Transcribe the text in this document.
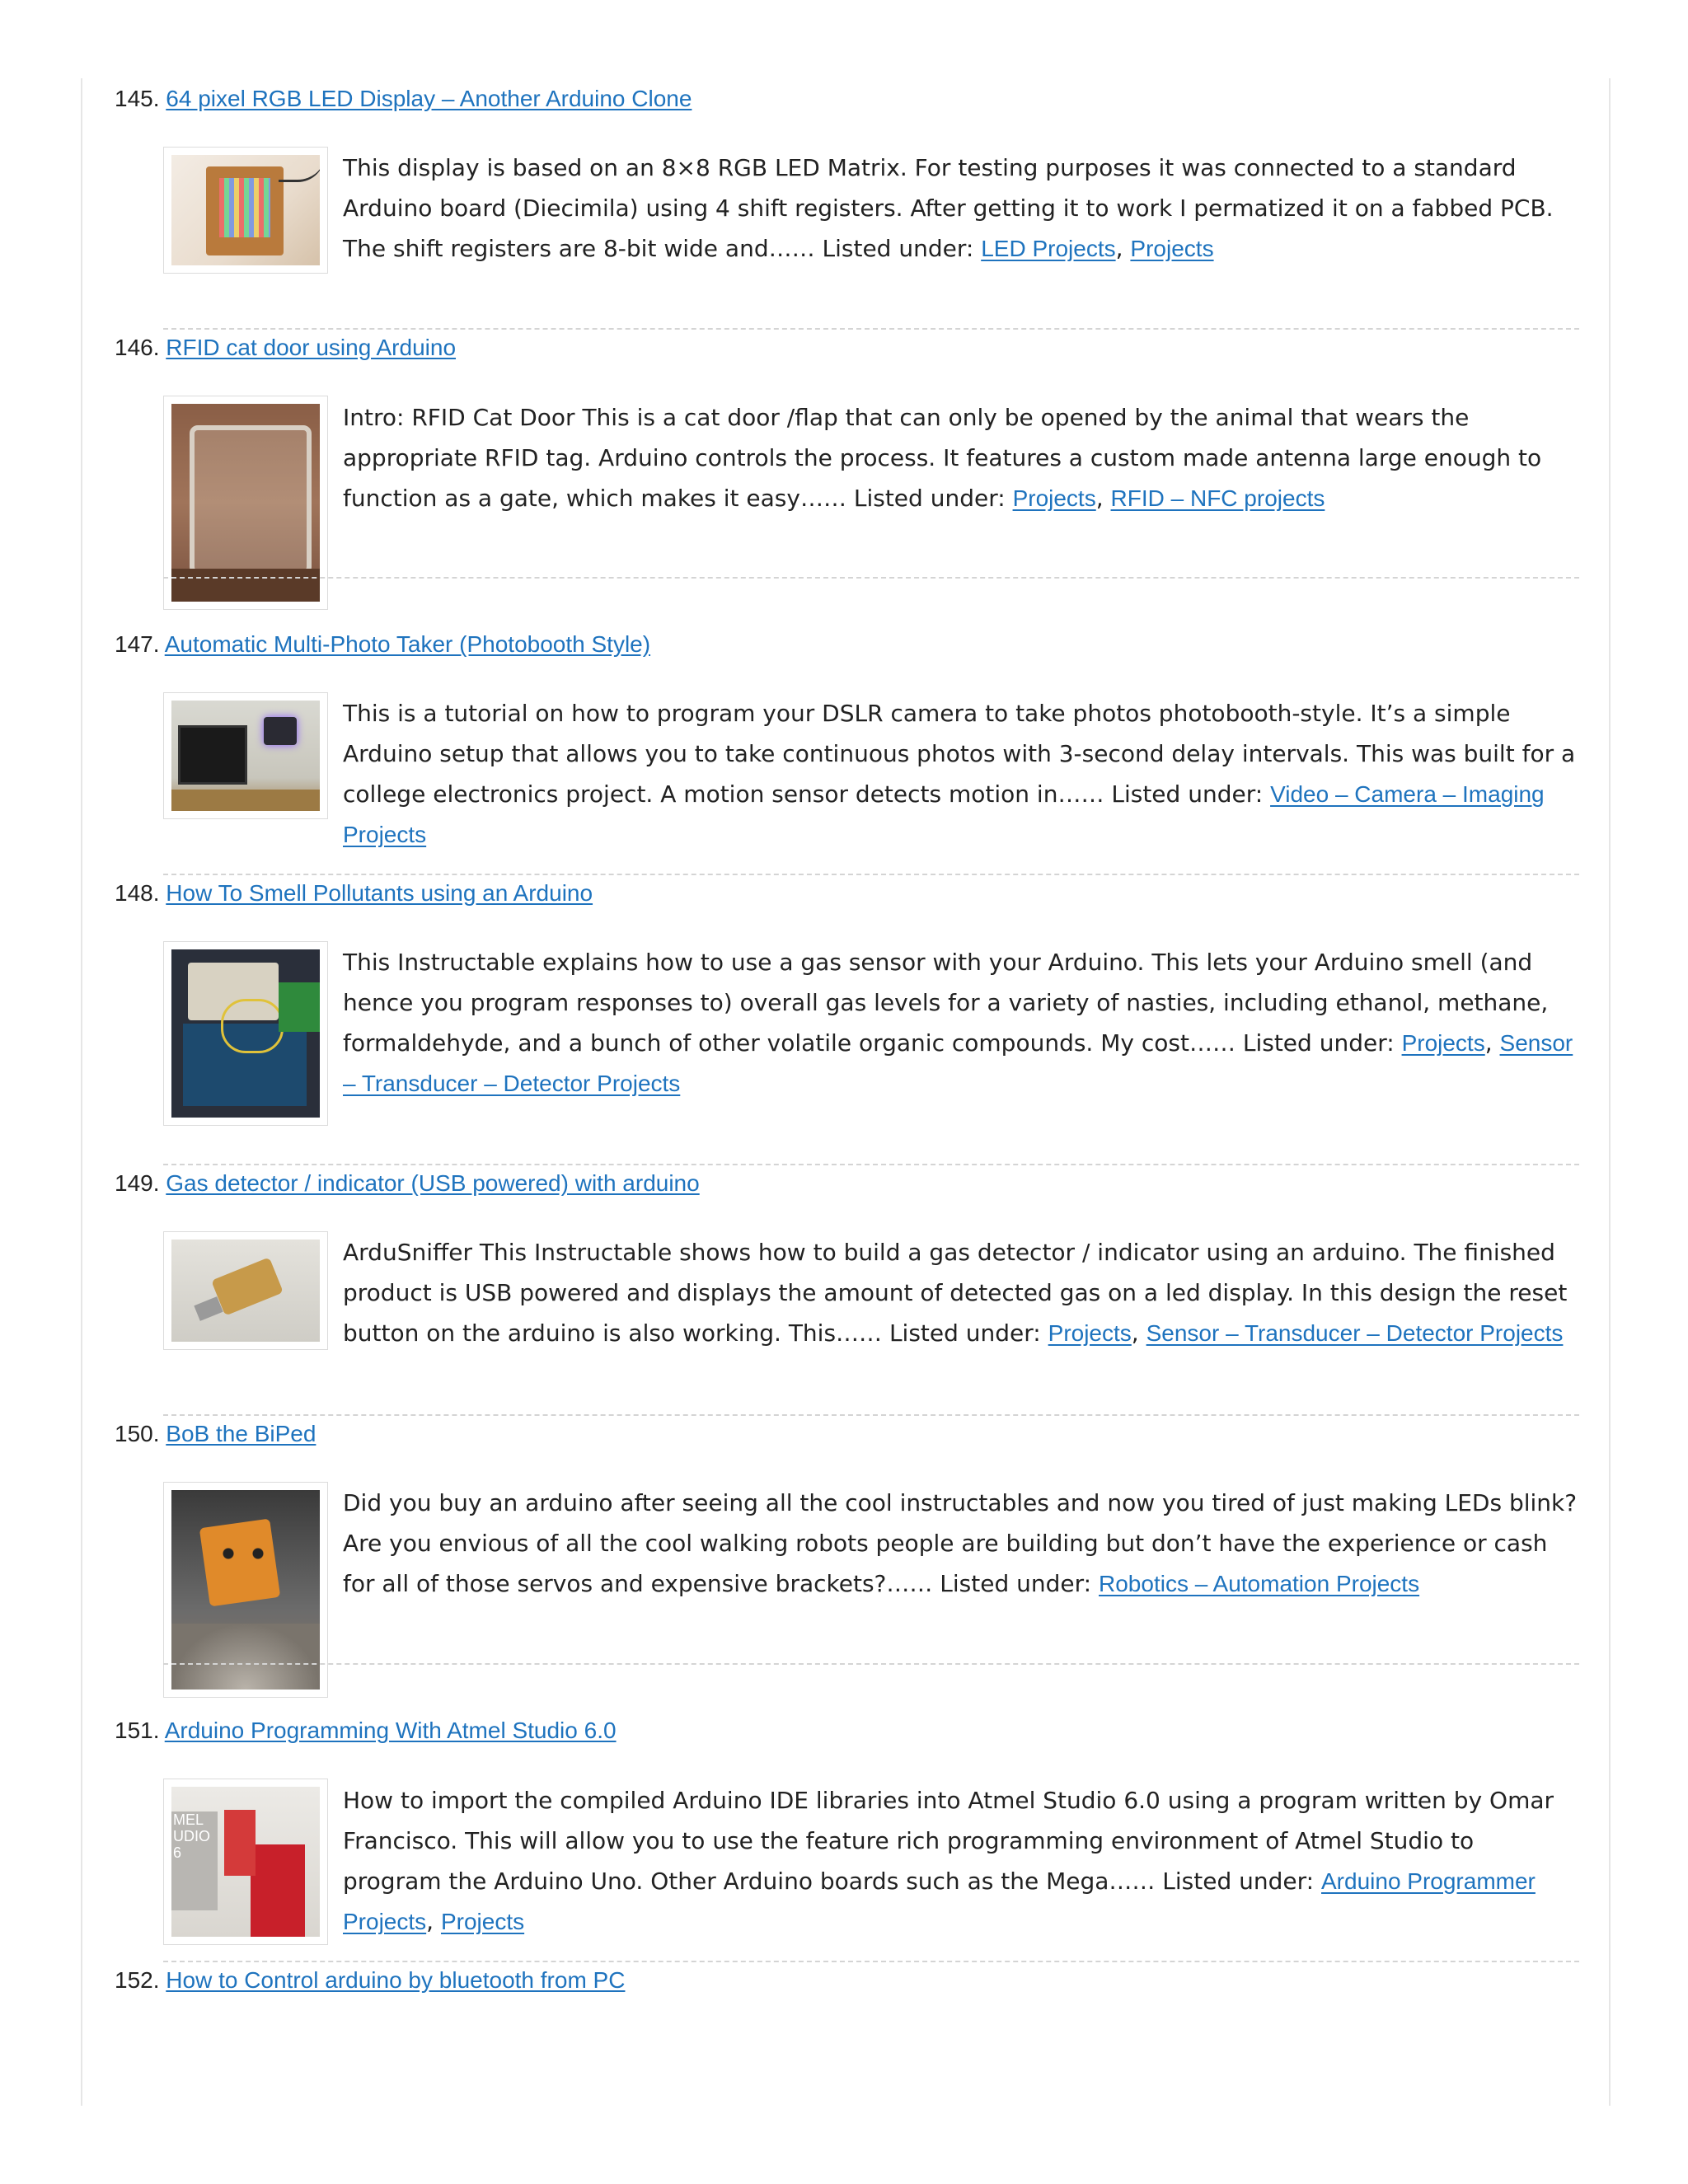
145. 64 pixel RGB LED Display – Another Arduino Clone
This display is based on an 8×8 RGB LED Matrix. For testing purposes it was connected to a standard Arduino board (Diecimila) using 4 shift registers. After getting it to work I permatized it on a fabbed PCB. The shift registers are 8-bit wide and…… Listed under: LED Projects, Projects
146. RFID cat door using Arduino
Intro: RFID Cat Door This is a cat door /flap that can only be opened by the animal that wears the appropriate RFID tag. Arduino controls the process. It features a custom made antenna large enough to function as a gate, which makes it easy…… Listed under: Projects, RFID – NFC projects
147. Automatic Multi-Photo Taker (Photobooth Style)
This is a tutorial on how to program your DSLR camera to take photos photobooth-style. It’s a simple Arduino setup that allows you to take continuous photos with 3-second delay intervals. This was built for a college electronics project. A motion sensor detects motion in…… Listed under: Video – Camera – Imaging Projects
148. How To Smell Pollutants using an Arduino
This Instructable explains how to use a gas sensor with your Arduino. This lets your Arduino smell (and hence you program responses to) overall gas levels for a variety of nasties, including ethanol, methane, formaldehyde, and a bunch of other volatile organic compounds. My cost…… Listed under: Projects, Sensor – Transducer – Detector Projects
149. Gas detector / indicator (USB powered) with arduino
ArduSniffer This Instructable shows how to build a gas detector / indicator using an arduino. The finished product is USB powered and displays the amount of detected gas on a led display. In this design the reset button on the arduino is also working. This…… Listed under: Projects, Sensor – Transducer – Detector Projects
150. BoB the BiPed
Did you buy an arduino after seeing all the cool instructables and now you tired of just making LEDs blink? Are you envious of all the cool walking robots people are building but don’t have the experience or cash for all of those servos and expensive brackets?…… Listed under: Robotics – Automation Projects
151. Arduino Programming With Atmel Studio 6.0
MEL
UDIO
6
How to import the compiled Arduino IDE libraries into Atmel Studio 6.0 using a program written by Omar Francisco. This will allow you to use the feature rich programming environment of Atmel Studio to program the Arduino Uno. Other Arduino boards such as the Mega…… Listed under: Arduino Programmer Projects, Projects
152. How to Control arduino by bluetooth from PC
